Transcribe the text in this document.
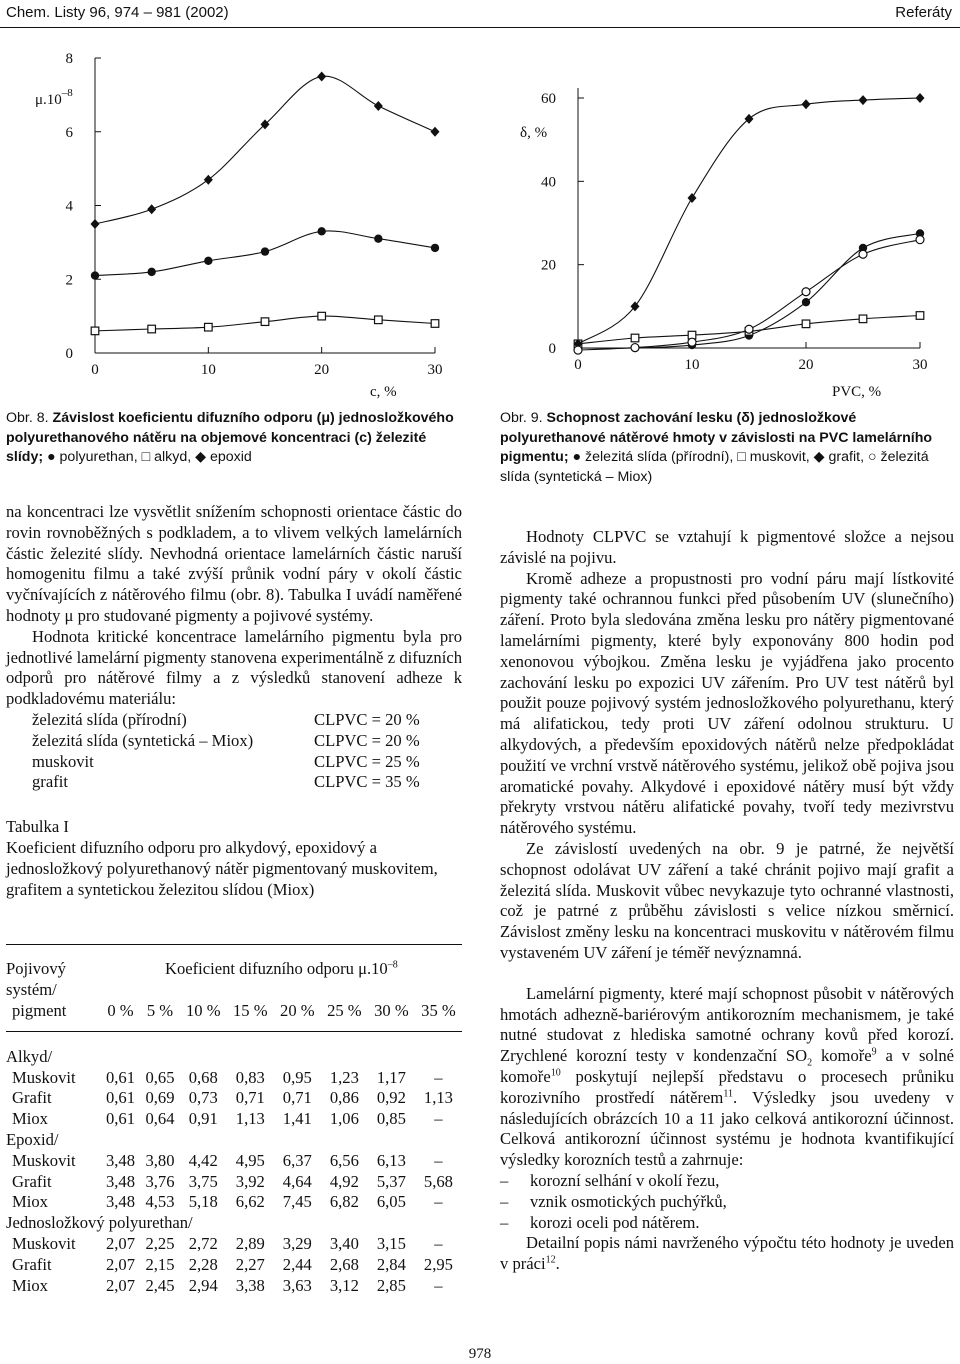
Chem. Listy 96, 974 – 981 (2002)	Referáty
$\mu.10^{-8}$
c, %
0
2
4
6
8
0	10	20	30
Obr. 8. Závislost koeficientu difuzního odporu (μ) jednosložkového polyurethanového nátěru na objemové koncentraci (c) železité slídy; ● polyurethan, □ alkyd, ◆ epoxid
δ, %
PVC, %
0
20
40
60
0	10	20	30
Obr. 9. Schopnost zachování lesku (δ) jednosložkové polyurethanové nátěrové hmoty v závislosti na PVC lamelárního pigmentu; ● železitá slída (přírodní), □ muskovit, ◆ grafit, ○ železitá slída (syntetická – Miox)

na koncentraci lze vysvětlit snížením schopnosti orientace částic do rovin rovnoběžných s podkladem, a to vlivem velkých lamelárních částic železité slídy. Nevhodná orientace lamelárních částic naruší homogenitu filmu a také zvýší průnik vodní páry v okolí částic vyčnívajících z nátěrového filmu (obr. 8). Tabulka I uvádí naměřené hodnoty μ pro studované pigmenty a pojivové systémy.

Hodnota kritické koncentrace lamelárního pigmentu byla pro jednotlivé lamelární pigmenty stanovena experimentálně z difuzních odporů pro nátěrové filmy a z výsledků stanovení adheze k podkladovému materiálu:

železitá slída (přírodní)	CLPVC = 20 %
železitá slída (syntetická – Miox)	CLPVC = 20 %
muskovit	CLPVC = 25 %
grafit	CLPVC = 35 %

Tabulka I

Koeficient difuzního odporu pro alkydový, epoxidový a jednosložkový polyurethanový nátěr pigmentovaný muskovitem, grafitem a syntetickou železitou slídou (Miox)

Pojivový	Koeficient difuzního odporu $\mu.10^{-8}$
systém/								
pigment	0 %	5 %	10 %	15 %	20 %	25 %	30 %	35 %

Alkyd/								
Muskovit	0,61	0,65	0,68	0,83	0,95	1,23	1,17	–
Grafit	0,61	0,69	0,73	0,71	0,71	0,86	0,92	1,13
Miox	0,61	0,64	0,91	1,13	1,41	1,06	0,85	–
Epoxid/								
Muskovit	3,48	3,80	4,42	4,95	6,37	6,56	6,13	–
Grafit	3,48	3,76	3,75	3,92	4,64	4,92	5,37	5,68
Miox	3,48	4,53	5,18	6,62	7,45	6,82	6,05	–
Jednosložkový polyurethan/								
Muskovit	2,07	2,25	2,72	2,89	3,29	3,40	3,15	–
Grafit	2,07	2,15	2,28	2,27	2,44	2,68	2,84	2,95
Miox	2,07	2,45	2,94	3,38	3,63	3,12	2,85	–

Hodnoty CLPVC se vztahují k pigmentové složce a nejsou závislé na pojivu.

Kromě adheze a propustnosti pro vodní páru mají lístkovité pigmenty také ochrannou funkci před působením UV (slunečního) záření. Proto byla sledována změna lesku pro nátěry pigmentované lamelárními pigmenty, které byly exponovány 800 hodin pod xenonovou výbojkou. Změna lesku je vyjádřena jako procento zachování lesku po expozici UV zářením. Pro UV test nátěrů byl použit pouze pojivový systém jednosložkového polyurethanu, který má alifatickou, tedy proti UV záření odolnou strukturu. U alkydových, a především epoxidových nátěrů nelze předpokládat použití ve vrchní vrstvě nátěrového systému, jelikož obě pojiva jsou aromatické povahy. Alkydové i epoxidové nátěry musí být vždy překryty vrstvou nátěru alifatické povahy, tvoří tedy mezivrstvu nátěrového systému.

Ze závislostí uvedených na obr. 9 je patrné, že největší schopnost odolávat UV záření a také chránit pojivo mají grafit a železitá slída. Muskovit vůbec nevykazuje tyto ochranné vlastnosti, což je patrné z průběhu závislosti s velice nízkou směrnicí. Závislost změny lesku na koncentraci muskovitu v nátěrovém filmu vystaveném UV záření je téměř nevýznamná.

Lamelární pigmenty, které mají schopnost působit v nátěrových hmotách adhezně-bariérovým antikorozním mechanismem, je také nutné studovat z hlediska samotné ochrany kovů před korozí. Zrychlené korozní testy v kondenzační $SO_2$ komoře$^9$ a v solné komoře$^{10}$ poskytují nejlepší představu o procesech průniku korozivního prostředí nátěrem$^{11}$. Výsledky jsou uvedeny v následujících obrázcích 10 a 11 jako celková antikorozní účinnost. Celková antikorozní účinnost systému je hodnota kvantifikující výsledky korozních testů a zahrnuje:

– korozní selhání v okolí řezu,
– vznik osmotických puchýřků,
– korozi oceli pod nátěrem.

Detailní popis námi navrženého výpočtu této hodnoty je uveden v práci$^{12}$.

978
